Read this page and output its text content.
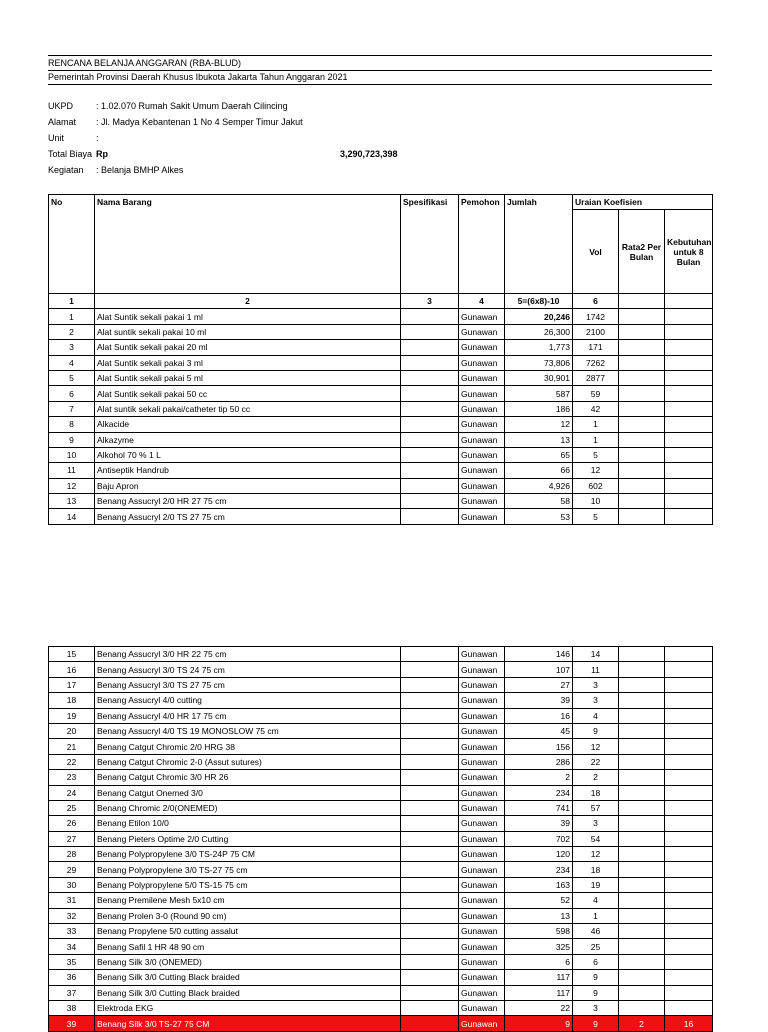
RENCANA BELANJA ANGGARAN (RBA-BLUD)
Pemerintah Provinsi Daerah Khusus Ibukota Jakarta Tahun Anggaran 2021
UKPD	: 1.02.070 Rumah Sakit Umum Daerah Cilincing
Alamat : Jl. Madya Kebantenan 1 No 4 Semper Timur Jakut
Unit	:
Total Biaya Rp	3,290,723,398
Kegiatan : Belanja BMHP Alkes
No	Nama Barang	Spesifikasi	Pemohon	Jumlah	Uraian Koefisien		
					Vol	Rata2 Per Bulan	Kebutuhan untuk 8 Bulan
1	2	3	4	5=(6x8)-10	6		
1	Alat Suntik sekali pakai 1 ml		Gunawan	20,246	1742		
2	Alat suntik sekali pakai 10 ml		Gunawan	26,300	2100		
3	Alat Suntik sekali pakai 20 ml		Gunawan	1,773	171		
4	Alat Suntik sekali pakai 3 ml		Gunawan	73,806	7262		
5	Alat Suntik sekali pakai 5 ml		Gunawan	30,901	2877		
6	Alat Suntik sekali pakai 50 cc		Gunawan	587	59		
7	Alat suntik sekali pakai/catheter tip 50 cc		Gunawan	186	42		
8	Alkacide		Gunawan	12	1		
9	Alkazyme		Gunawan	13	1		
10	Alkohol 70 % 1 L		Gunawan	65	5		
11	Antiseptik Handrub		Gunawan	66	12		
12	Baju Apron		Gunawan	4,926	602		
13	Benang Assucryl 2/0 HR 27 75 cm		Gunawan	58	10		
14	Benang Assucryl 2/0 TS 27 75 cm		Gunawan	53	5		
15	Benang Assucryl 3/0 HR 22 75 cm		Gunawan	146	14		
16	Benang Assucryl 3/0 TS 24 75 cm		Gunawan	107	11		
17	Benang Assucryl 3/0 TS 27 75 cm		Gunawan	27	3		
18	Benang Assucryl 4/0 cutting		Gunawan	39	3		
19	Benang Assucryl 4/0 HR 17 75 cm		Gunawan	16	4		
20	Benang Assucryl 4/0 TS 19 MONOSLOW 75 cm		Gunawan	45	9		
21	Benang Catgut Chromic 2/0 HRG 38		Gunawan	156	12		
22	Benang Catgut Chromic 2-0 (Assut sutures)		Gunawan	286	22		
23	Benang Catgut Chromic 3/0 HR 26		Gunawan	2	2		
24	Benang Catgut Onemed 3/0		Gunawan	234	18		
25	Benang Chromic 2/0(ONEMED)		Gunawan	741	57		
26	Benang Etilon 10/0		Gunawan	39	3		
27	Benang Pieters Optime 2/0 Cutting		Gunawan	702	54		
28	Benang Polypropylene 3/0 TS-24P 75 CM		Gunawan	120	12		
29	Benang Polypropylene 3/0 TS-27 75 cm		Gunawan	234	18		
30	Benang Polypropylene 5/0 TS-15 75 cm		Gunawan	163	19		
31	Benang Premilene Mesh 5x10 cm		Gunawan	52	4		
32	Benang Prolen 3-0 (Round 90 cm)		Gunawan	13	1		
33	Benang Propylene 5/0 cutting assalut		Gunawan	598	46		
34	Benang Safil 1 HR 48 90 cm		Gunawan	325	25		
35	Benang Silk 3/0 (ONEMED)		Gunawan	6	6		
36	Benang Silk 3/0 Cutting Black braided		Gunawan	117	9		
37	Benang Silk 3/0 Cutting Black braided		Gunawan	117	9		
38	Elektroda EKG		Gunawan	22	3		
39	Benang Silk 3/0 TS-27 75 CM		Gunawan	9	9	2	16
